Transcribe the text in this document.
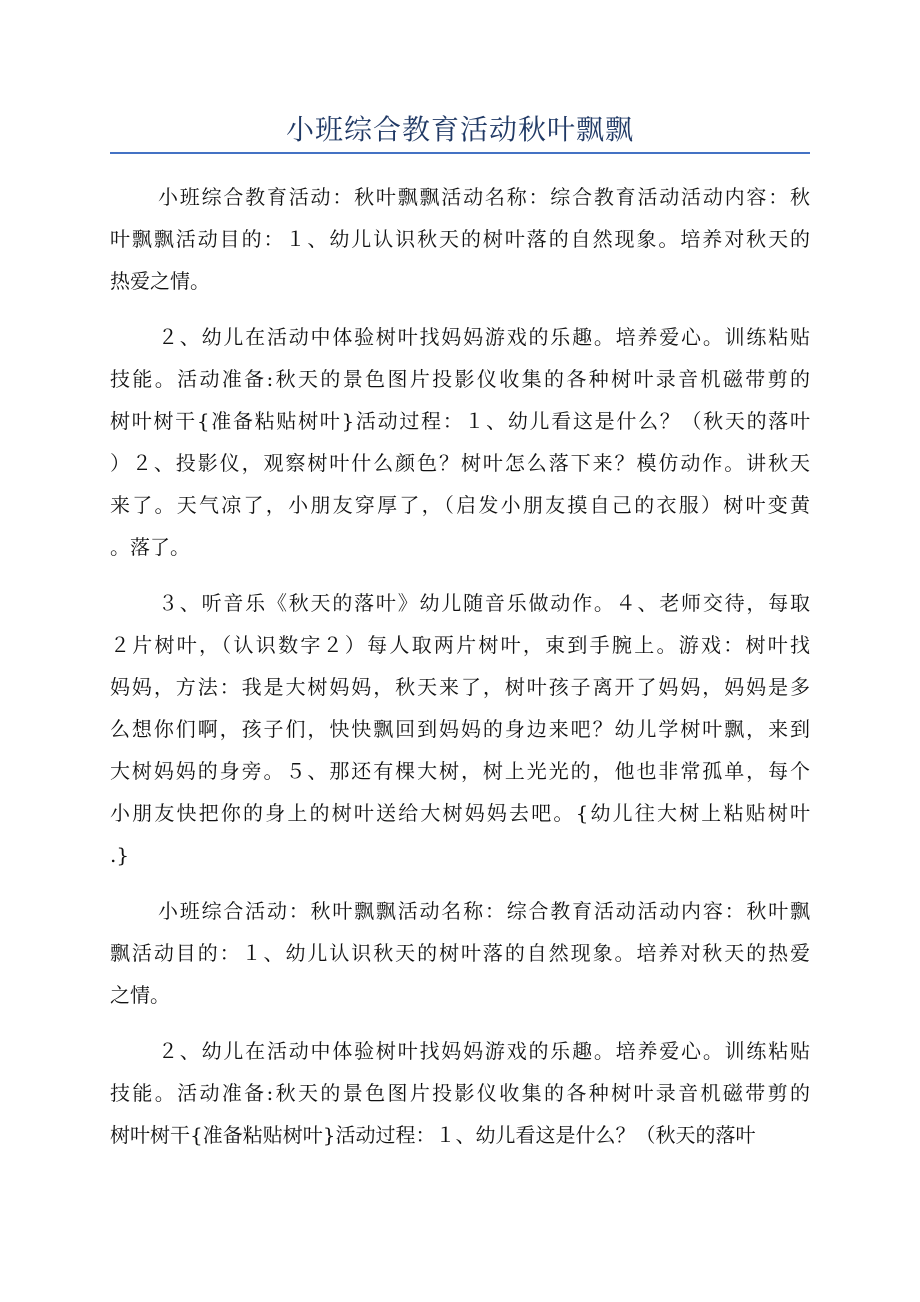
小班综合教育活动秋叶飘飘
小班综合教育活动：秋叶飘飘活动名称：综合教育活动活动内容：秋
叶飘飘活动目的：１、幼儿认识秋天的树叶落的自然现象。培养对秋天的
热爱之情。
２、幼儿在活动中体验树叶找妈妈游戏的乐趣。培养爱心。训练粘贴
技能。活动准备:秋天的景色图片投影仪收集的各种树叶录音机磁带剪的
树叶树干{准备粘贴树叶}活动过程：１、幼儿看这是什么？（秋天的落叶
）２、投影仪，观察树叶什么颜色？树叶怎么落下来？模仿动作。讲秋天
来了。天气凉了，小朋友穿厚了，（启发小朋友摸自己的衣服）树叶变黄
。落了。
３、听音乐《秋天的落叶》幼儿随音乐做动作。４、老师交待，每取
２片树叶，（认识数字２）每人取两片树叶，束到手腕上。游戏：树叶找
妈妈，方法：我是大树妈妈，秋天来了，树叶孩子离开了妈妈，妈妈是多
么想你们啊，孩子们，快快飘回到妈妈的身边来吧？幼儿学树叶飘，来到
大树妈妈的身旁。５、那还有棵大树，树上光光的，他也非常孤单，每个
小朋友快把你的身上的树叶送给大树妈妈去吧。{幼儿往大树上粘贴树叶
.}
小班综合活动：秋叶飘飘活动名称：综合教育活动活动内容：秋叶飘
飘活动目的：１、幼儿认识秋天的树叶落的自然现象。培养对秋天的热爱
之情。
２、幼儿在活动中体验树叶找妈妈游戏的乐趣。培养爱心。训练粘贴
技能。活动准备:秋天的景色图片投影仪收集的各种树叶录音机磁带剪的
树叶树干{准备粘贴树叶}活动过程：１、幼儿看这是什么？（秋天的落叶
